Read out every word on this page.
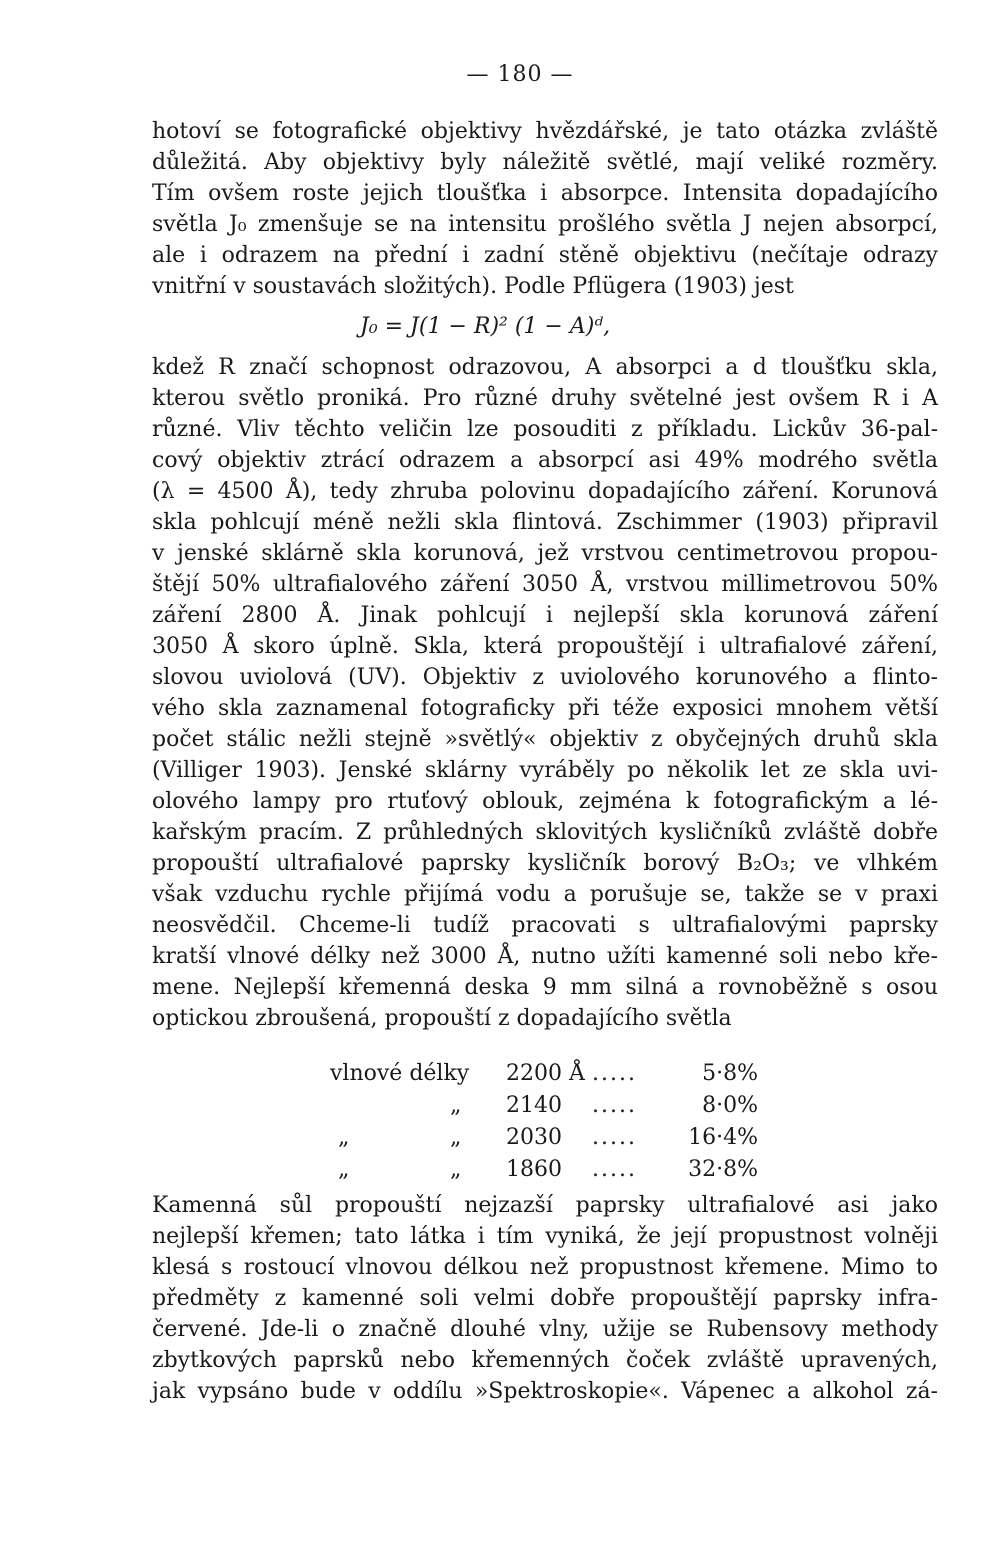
— 180 —
hotoví se fotografické objektivy hvězdářské, je tato otázka zvláště
důležitá. Aby objektivy byly náležitě světlé, mají veliké rozměry.
Tím ovšem roste jejich tloušťka i absorpce. Intensita dopadajícího
světla J₀ zmenšuje se na intensitu prošlého světla J nejen absorpcí,
ale i odrazem na přední i zadní stěně objektivu (nečítaje odrazy
vnitřní v soustavách složitých). Podle Pflügera (1903) jest
J₀ = J(1 − R)² (1 − A)ᵈ,
kdež R značí schopnost odrazovou, A absorpci a d tloušťku skla,
kterou světlo proniká. Pro různé druhy světelné jest ovšem R i A
různé. Vliv těchto veličin lze posouditi z příkladu. Lickův 36-pal-
cový objektiv ztrácí odrazem a absorpcí asi 49% modrého světla
(λ = 4500 Å), tedy zhruba polovinu dopadajícího záření. Korunová
skla pohlcují méně nežli skla flintová. Zschimmer (1903) připravil
v jenské sklárně skla korunová, jež vrstvou centimetrovou propou-
štějí 50% ultrafialového záření 3050 Å, vrstvou millimetrovou 50%
záření 2800 Å. Jinak pohlcují i nejlepší skla korunová záření
3050 Å skoro úplně. Skla, která propouštějí i ultrafialové záření,
slovou uviolová (UV). Objektiv z uviolového korunového a flinto-
vého skla zaznamenal fotograficky při téže exposici mnohem větší
počet stálic nežli stejně »světlý« objektiv z obyčejných druhů skla
(Villiger 1903). Jenské sklárny vyráběly po několik let ze skla uvi-
olového lampy pro rtuťový oblouk, zejména k fotografickým a lé-
kařským pracím. Z průhledných sklovitých kysličníků zvláště dobře
propouští ultrafialové paprsky kysličník borový B₂O₃; ve vlhkém
však vzduchu rychle přijímá vodu a porušuje se, takže se v praxi
neosvědčil. Chceme-li tudíž pracovati s ultrafialovými paprsky
kratší vlnové délky než 3000 Å, nutno užíti kamenné soli nebo kře-
mene. Nejlepší křemenná deska 9 mm silná a rovnoběžně s osou
optickou zbroušená, propouští z dopadajícího světla
vlnové délky 2200 Å .....	5·8%
„ 2140 .....	8·0%
„	„ 2030 .....	16·4%
„	„ 1860 .....	32·8%
Kamenná sůl propouští nejzazší paprsky ultrafialové asi jako
nejlepší křemen; tato látka i tím vyniká, že její propustnost volněji
klesá s rostoucí vlnovou délkou než propustnost křemene. Mimo to
předměty z kamenné soli velmi dobře propouštějí paprsky infra-
červené. Jde-li o značně dlouhé vlny, užije se Rubensovy methody
zbytkových paprsků nebo křemenných čoček zvláště upravených,
jak vypsáno bude v oddílu »Spektroskopie«. Vápenec a alkohol zá-
